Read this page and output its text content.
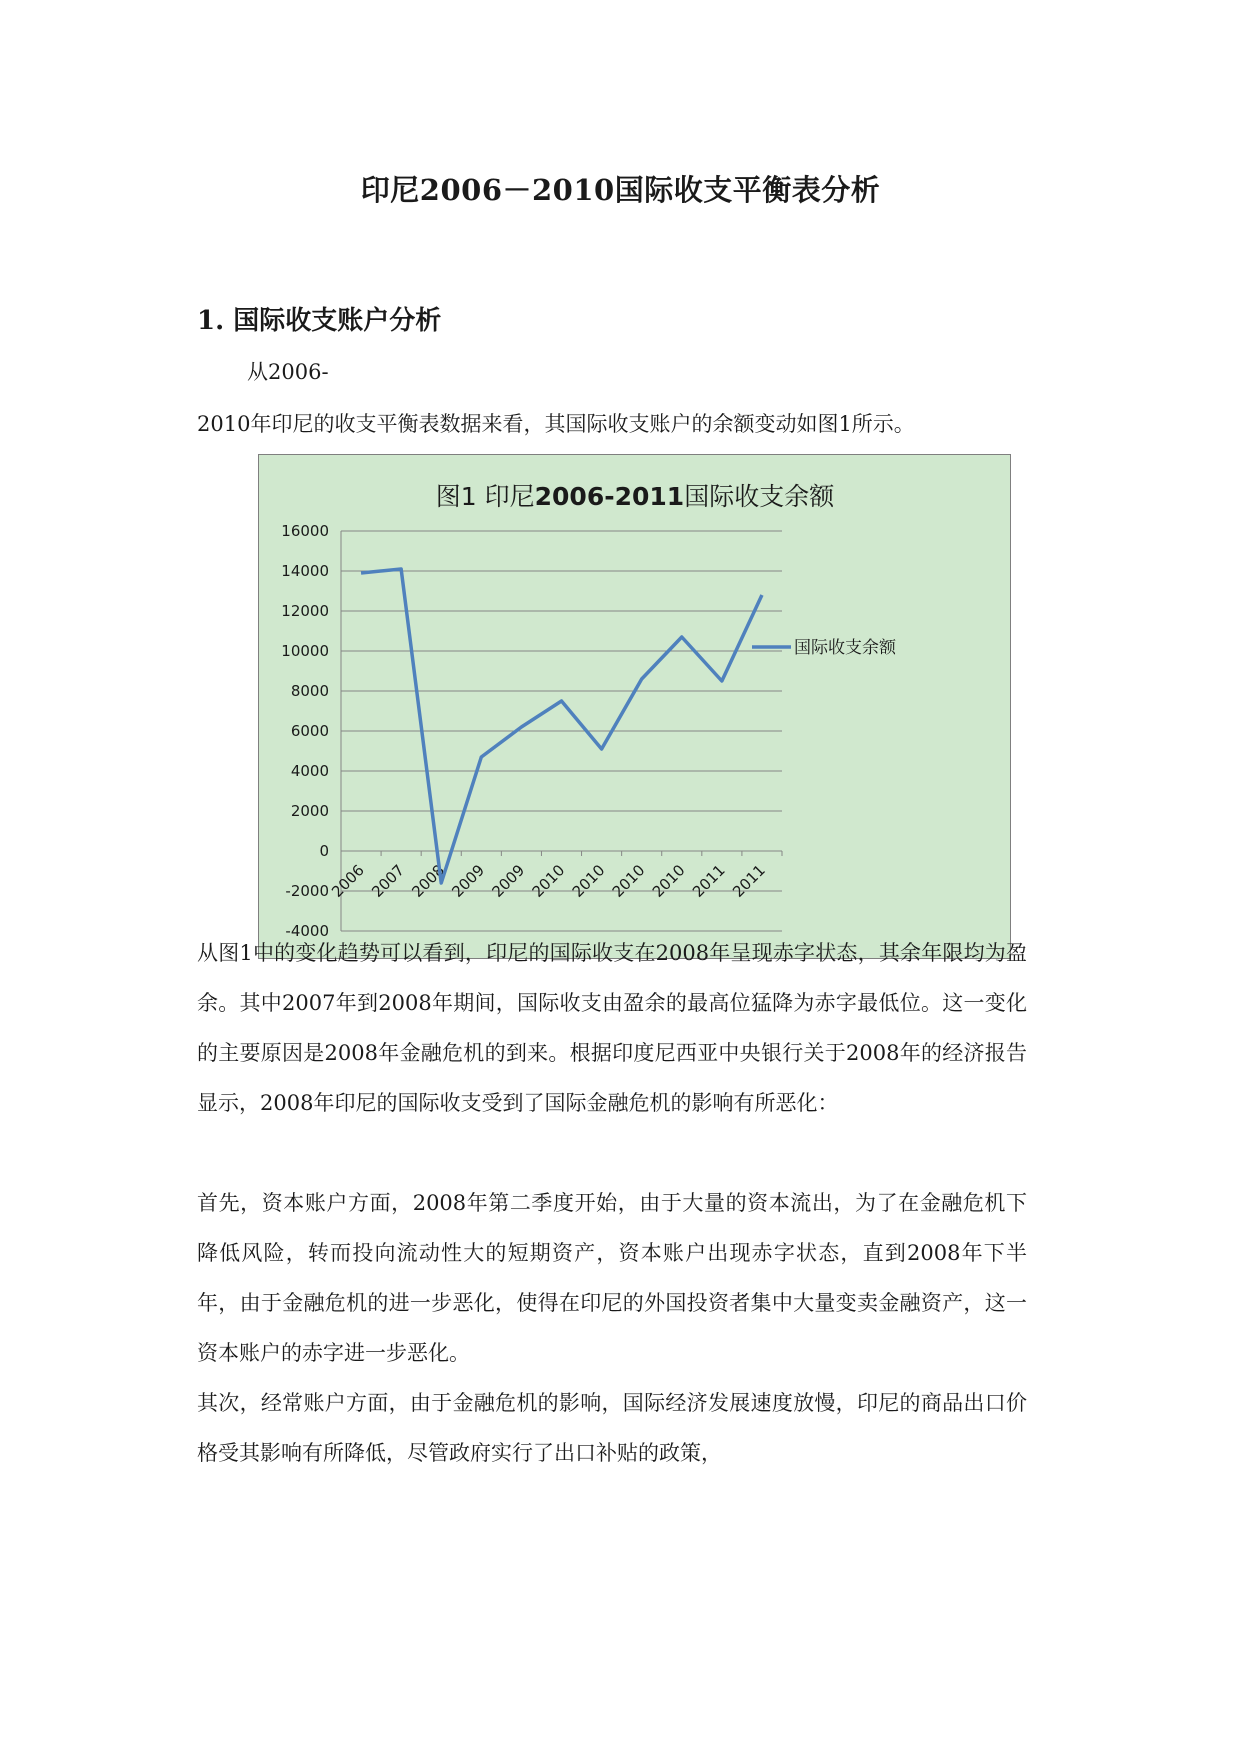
印尼2006－2010国际收支平衡表分析
1. 国际收支账户分析
从2006-
2010年印尼的收支平衡表数据来看，其国际收支账户的余额变动如图1所示。
图1 印尼2006-2011国际收支余额
16000
14000
12000
10000
8000
6000
4000
2000
0
-2000
-4000
2006 2007 2008 2009 2009 2010 2010 2010 2010 2011 2011
国际收支余额
从图1中的变化趋势可以看到，印尼的国际收支在2008年呈现赤字状态，其余年限均为盈余。其中2007年到2008年期间，国际收支由盈余的最高位猛降为赤字最低位。这一变化的主要原因是2008年金融危机的到来。根据印度尼西亚中央银行关于2008年的经济报告显示，2008年印尼的国际收支受到了国际金融危机的影响有所恶化：
首先，资本账户方面，2008年第二季度开始，由于大量的资本流出，为了在金融危机下降低风险，转而投向流动性大的短期资产，资本账户出现赤字状态，直到2008年下半年，由于金融危机的进一步恶化，使得在印尼的外国投资者集中大量变卖金融资产，这一资本账户的赤字进一步恶化。
其次，经常账户方面，由于金融危机的影响，国际经济发展速度放慢，印尼的商品出口价格受其影响有所降低，尽管政府实行了出口补贴的政策，
